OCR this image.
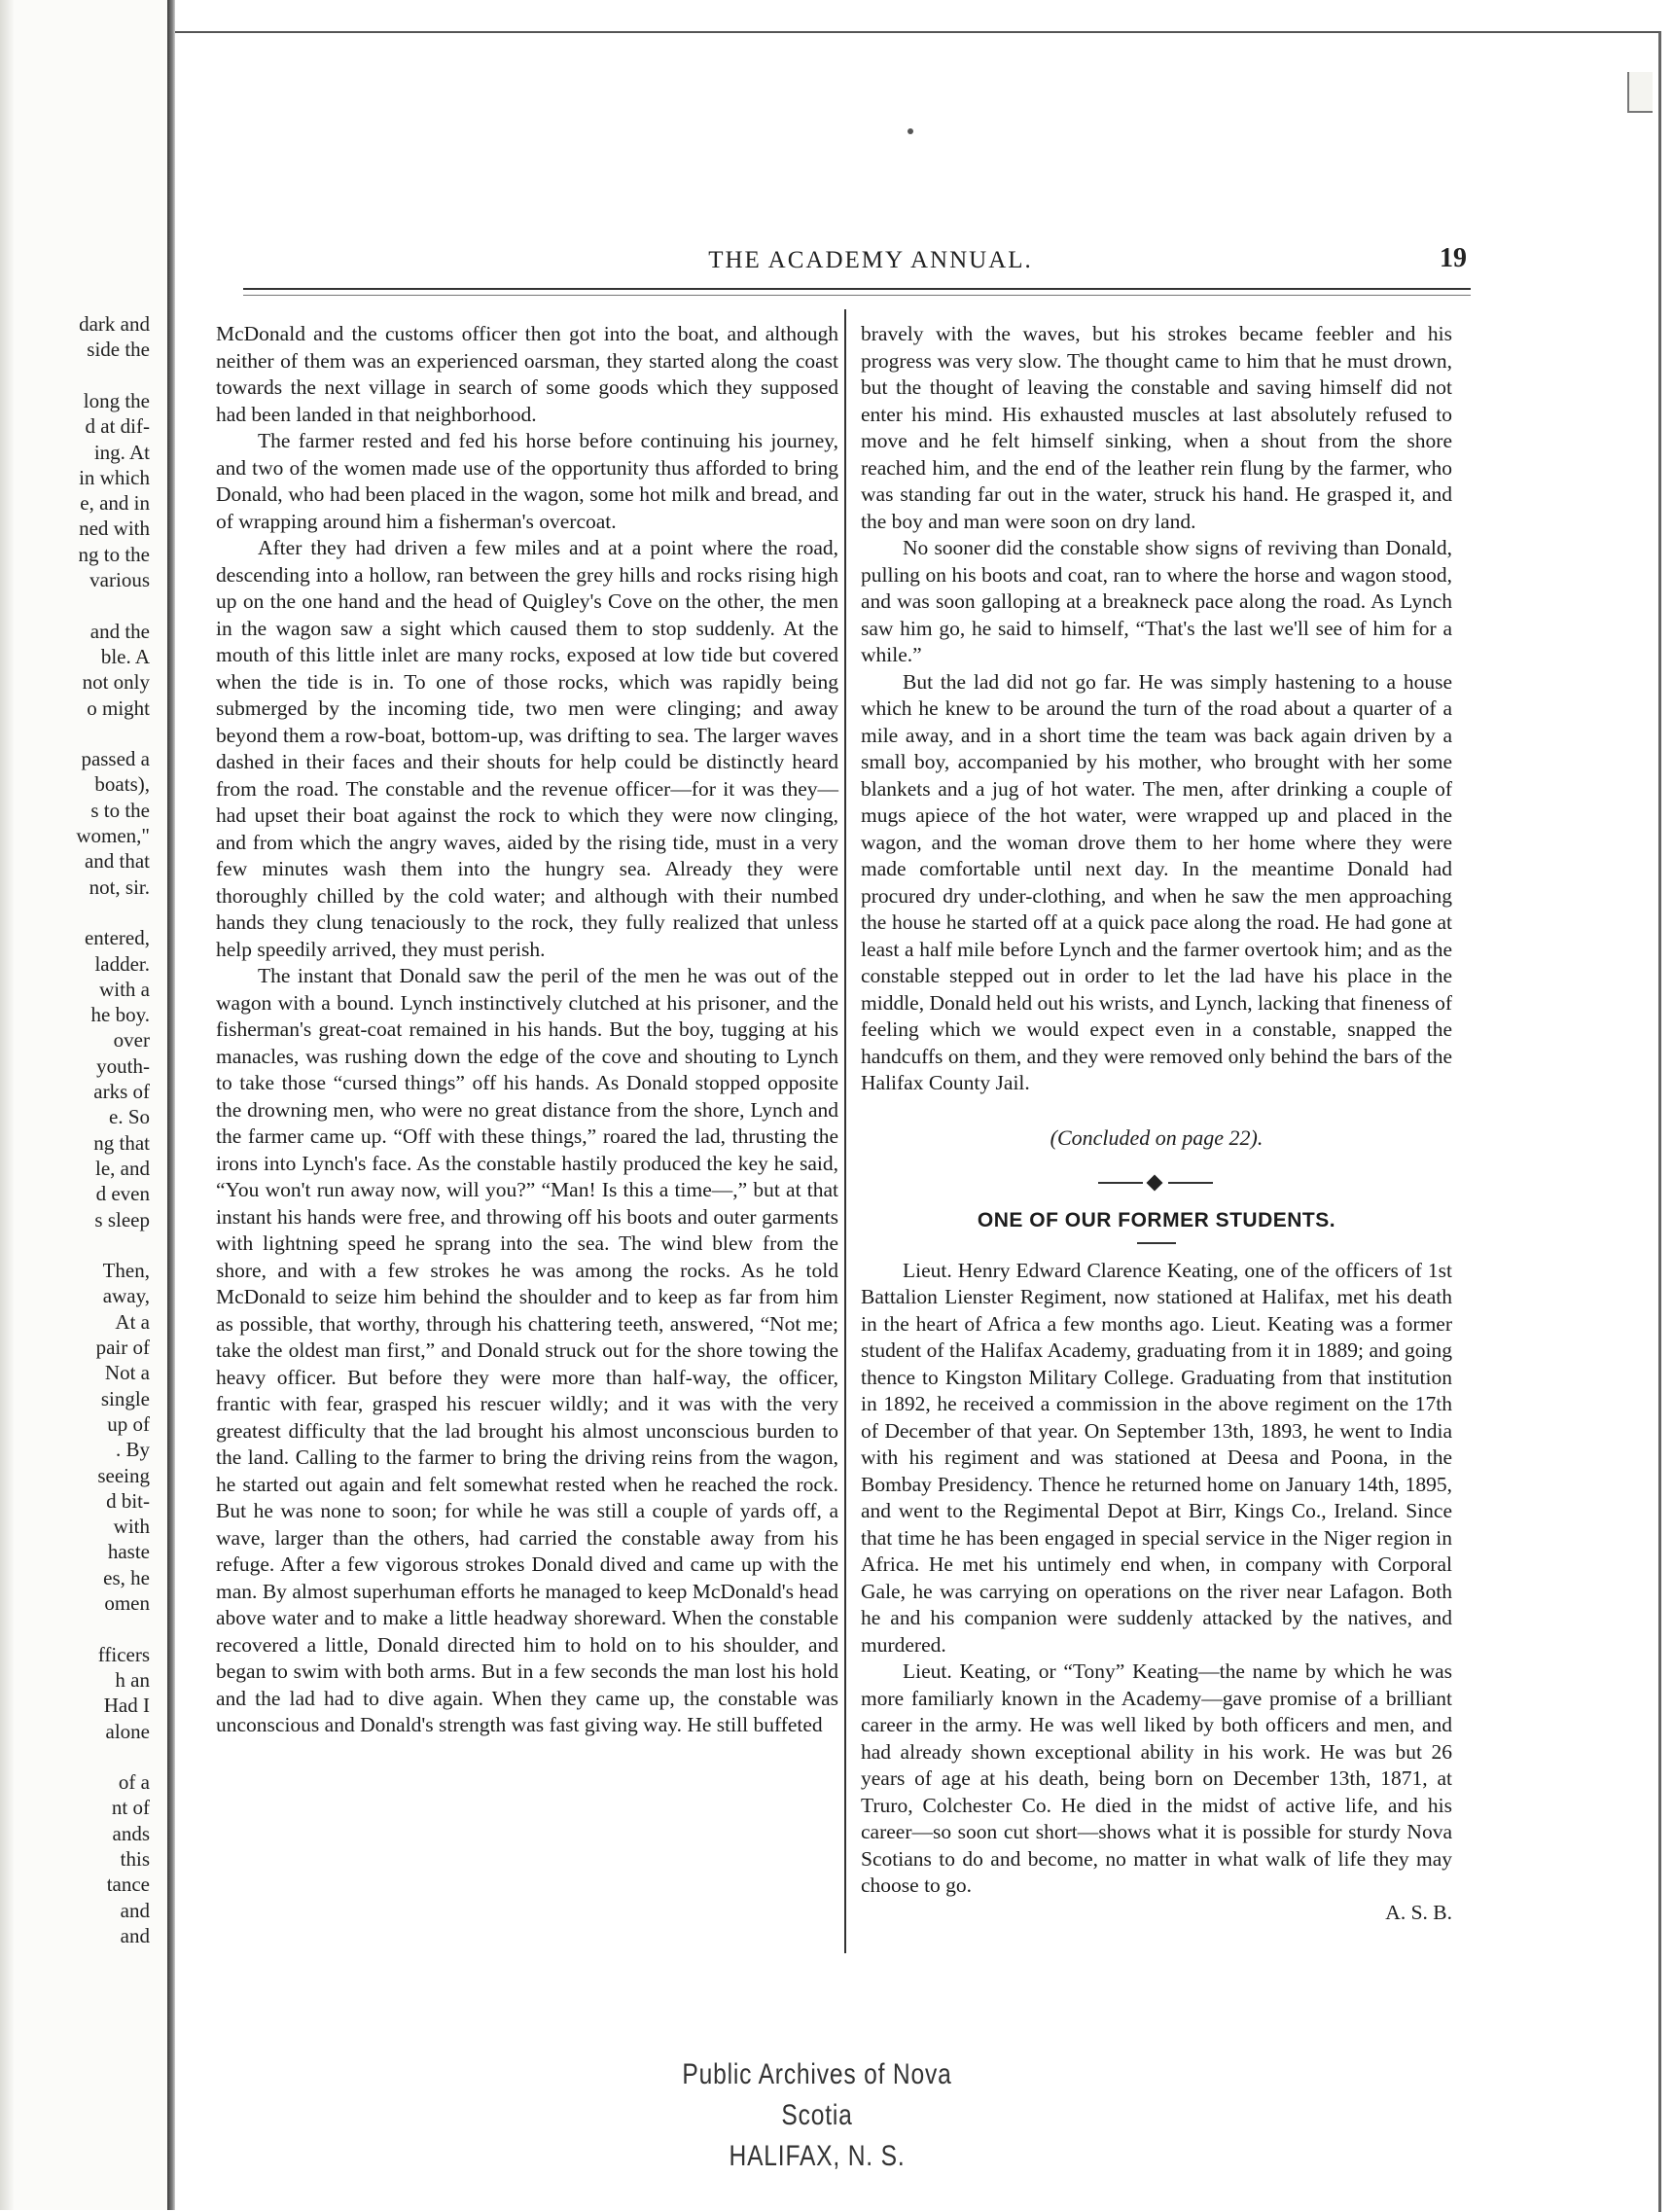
dark and
side the
long the
d at dif-
ing. At
in which
e, and in
ned with
ng to the
various
and the
ble. A
not only
o might
passed a
boats),
s to the
women,"
and that
not, sir.
entered,
ladder.
with a
he boy.
over
youth-
arks of
e. So
ng that
le, and
d even
s sleep
Then,
away,
At a
pair of
Not a
single
up of
. By
seeing
d bit-
with
haste
es, he
omen
fficers
h an
Had I
alone
of a
nt of
ands
this
tance
and
and
THE ACADEMY ANNUAL.	19

McDonald and the customs officer then got into the boat, and although neither of them was an experienced oarsman, they started along the coast towards the next village in search of some goods which they supposed had been landed in that neighborhood.

The farmer rested and fed his horse before continuing his journey, and two of the women made use of the opportunity thus afforded to bring Donald, who had been placed in the wagon, some hot milk and bread, and of wrapping around him a fisherman's overcoat.

After they had driven a few miles and at a point where the road, descending into a hollow, ran between the grey hills and rocks rising high up on the one hand and the head of Quigley's Cove on the other, the men in the wagon saw a sight which caused them to stop suddenly. At the mouth of this little inlet are many rocks, exposed at low tide but covered when the tide is in. To one of those rocks, which was rapidly being submerged by the incoming tide, two men were clinging; and away beyond them a row-boat, bottom-up, was drifting to sea. The larger waves dashed in their faces and their shouts for help could be distinctly heard from the road. The constable and the revenue officer—for it was they—had upset their boat against the rock to which they were now clinging, and from which the angry waves, aided by the rising tide, must in a very few minutes wash them into the hungry sea. Already they were thoroughly chilled by the cold water; and although with their numbed hands they clung tenaciously to the rock, they fully realized that unless help speedily arrived, they must perish.

The instant that Donald saw the peril of the men he was out of the wagon with a bound. Lynch instinctively clutched at his prisoner, and the fisherman's great-coat remained in his hands. But the boy, tugging at his manacles, was rushing down the edge of the cove and shouting to Lynch to take those “cursed things” off his hands. As Donald stopped opposite the drowning men, who were no great distance from the shore, Lynch and the farmer came up. “Off with these things,” roared the lad, thrusting the irons into Lynch's face. As the constable hastily produced the key he said, “You won't run away now, will you?” “Man! Is this a time—,” but at that instant his hands were free, and throwing off his boots and outer garments with lightning speed he sprang into the sea. The wind blew from the shore, and with a few strokes he was among the rocks. As he told McDonald to seize him behind the shoulder and to keep as far from him as possible, that worthy, through his chattering teeth, answered, “Not me; take the oldest man first,” and Donald struck out for the shore towing the heavy officer. But before they were more than half-way, the officer, frantic with fear, grasped his rescuer wildly; and it was with the very greatest difficulty that the lad brought his almost unconscious burden to the land. Calling to the farmer to bring the driving reins from the wagon, he started out again and felt somewhat rested when he reached the rock. But he was none to soon; for while he was still a couple of yards off, a wave, larger than the others, had carried the constable away from his refuge. After a few vigorous strokes Donald dived and came up with the man. By almost superhuman efforts he managed to keep McDonald's head above water and to make a little headway shoreward. When the constable recovered a little, Donald directed him to hold on to his shoulder, and began to swim with both arms. But in a few seconds the man lost his hold and the lad had to dive again. When they came up, the constable was unconscious and Donald's strength was fast giving way. He still buffeted

bravely with the waves, but his strokes became feebler and his progress was very slow. The thought came to him that he must drown, but the thought of leaving the constable and saving himself did not enter his mind. His exhausted muscles at last absolutely refused to move and he felt himself sinking, when a shout from the shore reached him, and the end of the leather rein flung by the farmer, who was standing far out in the water, struck his hand. He grasped it, and the boy and man were soon on dry land.

No sooner did the constable show signs of reviving than Donald, pulling on his boots and coat, ran to where the horse and wagon stood, and was soon galloping at a breakneck pace along the road. As Lynch saw him go, he said to himself, “That's the last we'll see of him for a while.”

But the lad did not go far. He was simply hastening to a house which he knew to be around the turn of the road about a quarter of a mile away, and in a short time the team was back again driven by a small boy, accompanied by his mother, who brought with her some blankets and a jug of hot water. The men, after drinking a couple of mugs apiece of the hot water, were wrapped up and placed in the wagon, and the woman drove them to her home where they were made comfortable until next day. In the meantime Donald had procured dry under-clothing, and when he saw the men approaching the house he started off at a quick pace along the road. He had gone at least a half mile before Lynch and the farmer overtook him; and as the constable stepped out in order to let the lad have his place in the middle, Donald held out his wrists, and Lynch, lacking that fineness of feeling which we would expect even in a constable, snapped the handcuffs on them, and they were removed only behind the bars of the Halifax County Jail.

(Concluded on page 22).

ONE OF OUR FORMER STUDENTS.

Lieut. Henry Edward Clarence Keating, one of the officers of 1st Battalion Lienster Regiment, now stationed at Halifax, met his death in the heart of Africa a few months ago. Lieut. Keating was a former student of the Halifax Academy, graduating from it in 1889; and going thence to Kingston Military College. Graduating from that institution in 1892, he received a commission in the above regiment on the 17th of December of that year. On September 13th, 1893, he went to India with his regiment and was stationed at Deesa and Poona, in the Bombay Presidency. Thence he returned home on January 14th, 1895, and went to the Regimental Depot at Birr, Kings Co., Ireland. Since that time he has been engaged in special service in the Niger region in Africa. He met his untimely end when, in company with Corporal Gale, he was carrying on operations on the river near Lafagon. Both he and his companion were suddenly attacked by the natives, and murdered.

Lieut. Keating, or “Tony” Keating—the name by which he was more familiarly known in the Academy—gave promise of a brilliant career in the army. He was well liked by both officers and men, and had already shown exceptional ability in his work. He was but 26 years of age at his death, being born on December 13th, 1871, at Truro, Colchester Co. He died in the midst of active life, and his career—so soon cut short—shows what it is possible for sturdy Nova Scotians to do and become, no matter in what walk of life they may choose to go.

A. S. B.
Public Archives of Nova Scotia
HALIFAX, N. S.
